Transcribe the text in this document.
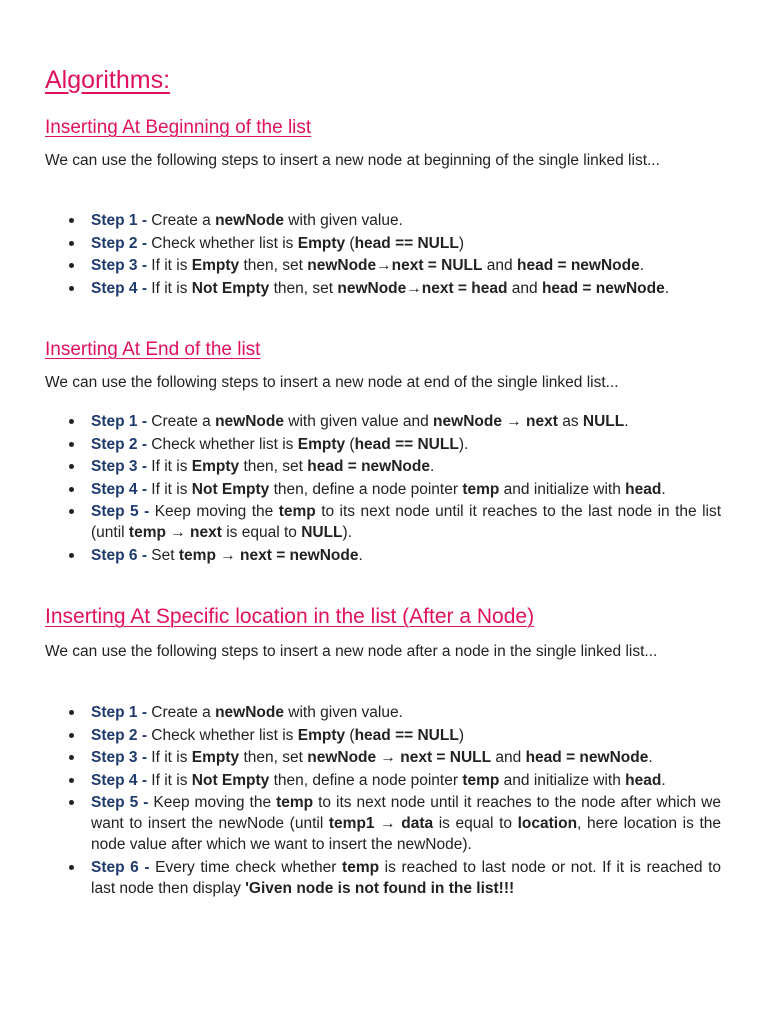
Algorithms:
Inserting At Beginning of the list

We can use the following steps to insert a new node at beginning of the single linked list...

Step 1 - Create a newNode with given value.
Step 2 - Check whether list is Empty (head == NULL)
Step 3 - If it is Empty then, set newNode→next = NULL and head = newNode.
Step 4 - If it is Not Empty then, set newNode→next = head and head = newNode.
Inserting At End of the list

We can use the following steps to insert a new node at end of the single linked list...

Step 1 - Create a newNode with given value and newNode → next as NULL.
Step 2 - Check whether list is Empty (head == NULL).
Step 3 - If it is Empty then, set head = newNode.
Step 4 - If it is Not Empty then, define a node pointer temp and initialize with head.
Step 5 - Keep moving the temp to its next node until it reaches to the last node in the list (until temp → next is equal to NULL).
Step 6 - Set temp → next = newNode.
Inserting At Specific location in the list (After a Node)

We can use the following steps to insert a new node after a node in the single linked list...

Step 1 - Create a newNode with given value.
Step 2 - Check whether list is Empty (head == NULL)
Step 3 - If it is Empty then, set newNode → next = NULL and head = newNode.
Step 4 - If it is Not Empty then, define a node pointer temp and initialize with head.
Step 5 - Keep moving the temp to its next node until it reaches to the node after which we want to insert the newNode (until temp1 → data is equal to location, here location is the node value after which we want to insert the newNode).
Step 6 - Every time check whether temp is reached to last node or not. If it is reached to last node then display 'Given node is not found in the list!!!
